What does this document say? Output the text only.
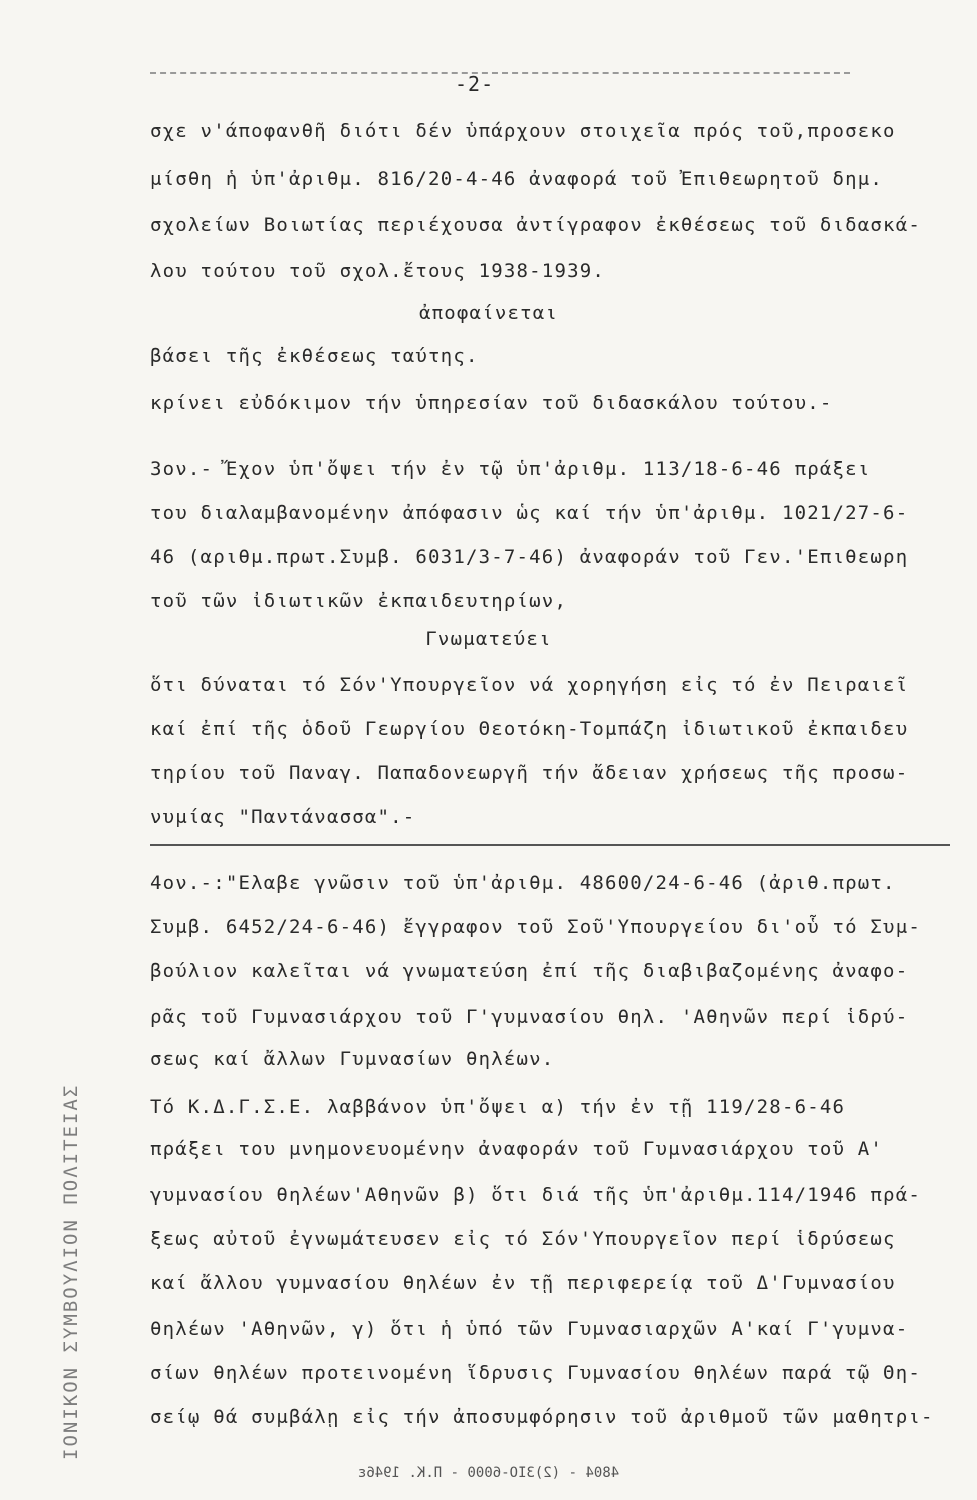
-2-
σχε ν'άποφανθῆ διότι δέν ὑπάρχουν στοιχεῖα πρός τοῦ,προσεκο
μίσθη ἡ ὑπ'ἀριθμ. 816/20-4-46 ἀναφορά τοῦ Ἐπιθεωρητοῦ δημ.
σχολείων Βοιωτίας περιέχουσα ἀντίγραφον ἐκθέσεως τοῦ διδασκά-
λου τούτου τοῦ σχολ.ἔτους 1938-1939.
ἀποφαίνεται
βάσει τῆς ἐκθέσεως ταύτης.
κρίνει εὐδόκιμον τήν ὑπηρεσίαν τοῦ διδασκάλου τούτου.-
3ον.- Ἔχον ὑπ'ὄψει τήν ἐν τῷ ὑπ'ἀριθμ. 113/18-6-46 πράξει
του διαλαμβανομένην ἀπόφασιν ὡς καί τήν ὑπ'ἀριθμ. 1021/27-6-
46 (αριθμ.πρωτ.Συμβ. 6031/3-7-46) ἀναφοράν τοῦ Γεν.'Επιθεωρη
τοῦ τῶν ἰδιωτικῶν ἐκπαιδευτηρίων,
Γνωματεύει
ὅτι δύναται τό Σόν'Υπουργεῖον νά χορηγήση εἰς τό ἐν Πειραιεῖ
καί ἐπί τῆς ὁδοῦ Γεωργίου Θεοτόκη-Τομπάζη ἰδιωτικοῦ ἐκπαιδευ
τηρίου τοῦ Παναγ. Παπαδονεωργῆ τήν ἄδειαν χρήσεως τῆς προσω-
νυμίας "Παντάνασσα".-
4ον.-:"Ελαβε γνῶσιν τοῦ ὑπ'ἀριθμ. 48600/24-6-46 (ἀριθ.πρωτ.
Συμβ. 6452/24-6-46) ἔγγραφον τοῦ Σοῦ'Υπουργείου δι'οὗ τό Συμ-
βούλιον καλεῖται νά γνωματεύση ἐπί τῆς διαβιβαζομένης ἀναφο-
ρᾶς τοῦ Γυμνασιάρχου τοῦ Γ'γυμνασίου θηλ. 'Αθηνῶν περί ἱδρύ-
σεως καί ἄλλων Γυμνασίων θηλέων.
Τό Κ.Δ.Γ.Σ.Ε. λαββάνον ὑπ'ὄψει α) τήν ἐν τῇ 119/28-6-46
πράξει του μνημονευομένην ἀναφοράν τοῦ Γυμνασιάρχου τοῦ Α'
γυμνασίου θηλέων'Αθηνῶν β) ὅτι διά τῆς ὑπ'ἀριθμ.114/1946 πρά-
ξεως αὐτοῦ ἐγνωμάτευσεν εἰς τό Σόν'Υπουργεῖον περί ἱδρύσεως
καί ἄλλου γυμνασίου θηλέων ἐν τῇ περιφερείᾳ τοῦ Δ'Γυμνασίου
θηλέων 'Αθηνῶν, γ) ὅτι ἡ ὑπό τῶν Γυμνασιαρχῶν Α'καί Γ'γυμνα-
σίων θηλέων προτεινομένη ἵδρυσις Γυμνασίου θηλέων παρά τῷ Θη-
σείῳ θά συμβάλῃ εἰς τήν ἀποσυμφόρησιν τοῦ ἀριθμοῦ τῶν μαθητρι-
ΙΟΝΙΚΟΝ ΣΥΜΒΟΥΛΙΟΝ ΠΟΛΙΤΕΙΑΣ
4804 - (2)3ΙΟ-6000 - Π.Κ. 1946ε
